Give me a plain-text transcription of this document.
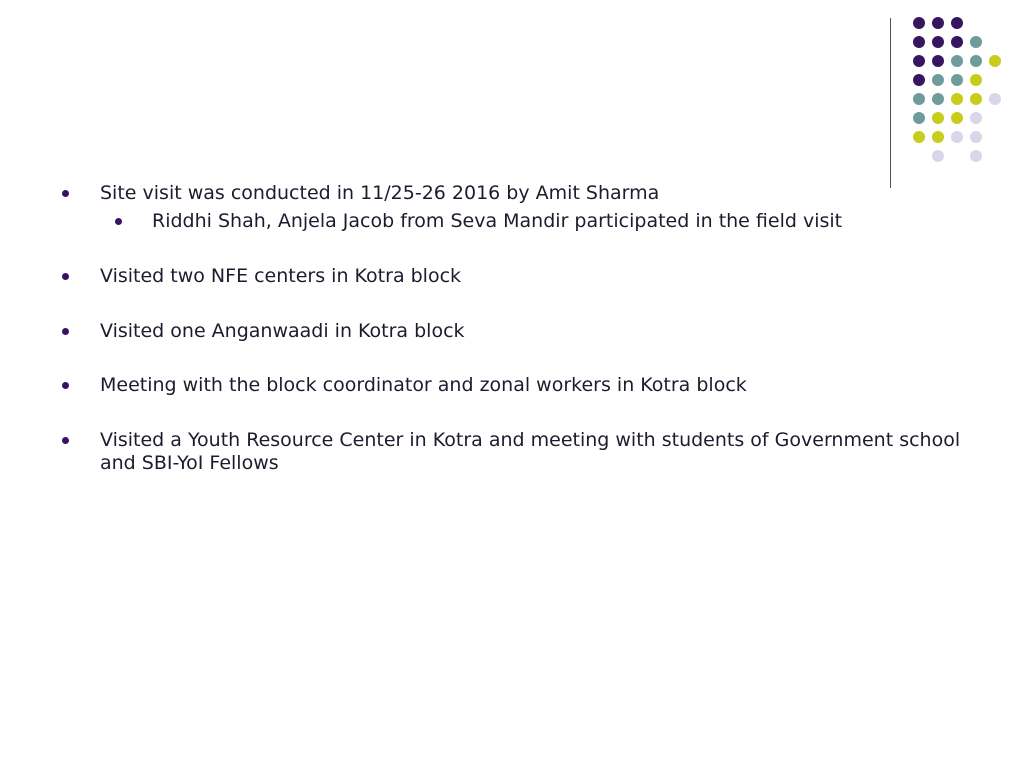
Site visit was conducted in 11/25-26 2016 by Amit Sharma
Riddhi Shah, Anjela Jacob from Seva Mandir participated in the field visit
Visited two NFE centers in Kotra block
Visited one Anganwaadi in Kotra block
Meeting with the block coordinator and zonal workers in Kotra block
Visited a Youth Resource Center in Kotra and meeting with students of Government school and SBI-YoI Fellows
